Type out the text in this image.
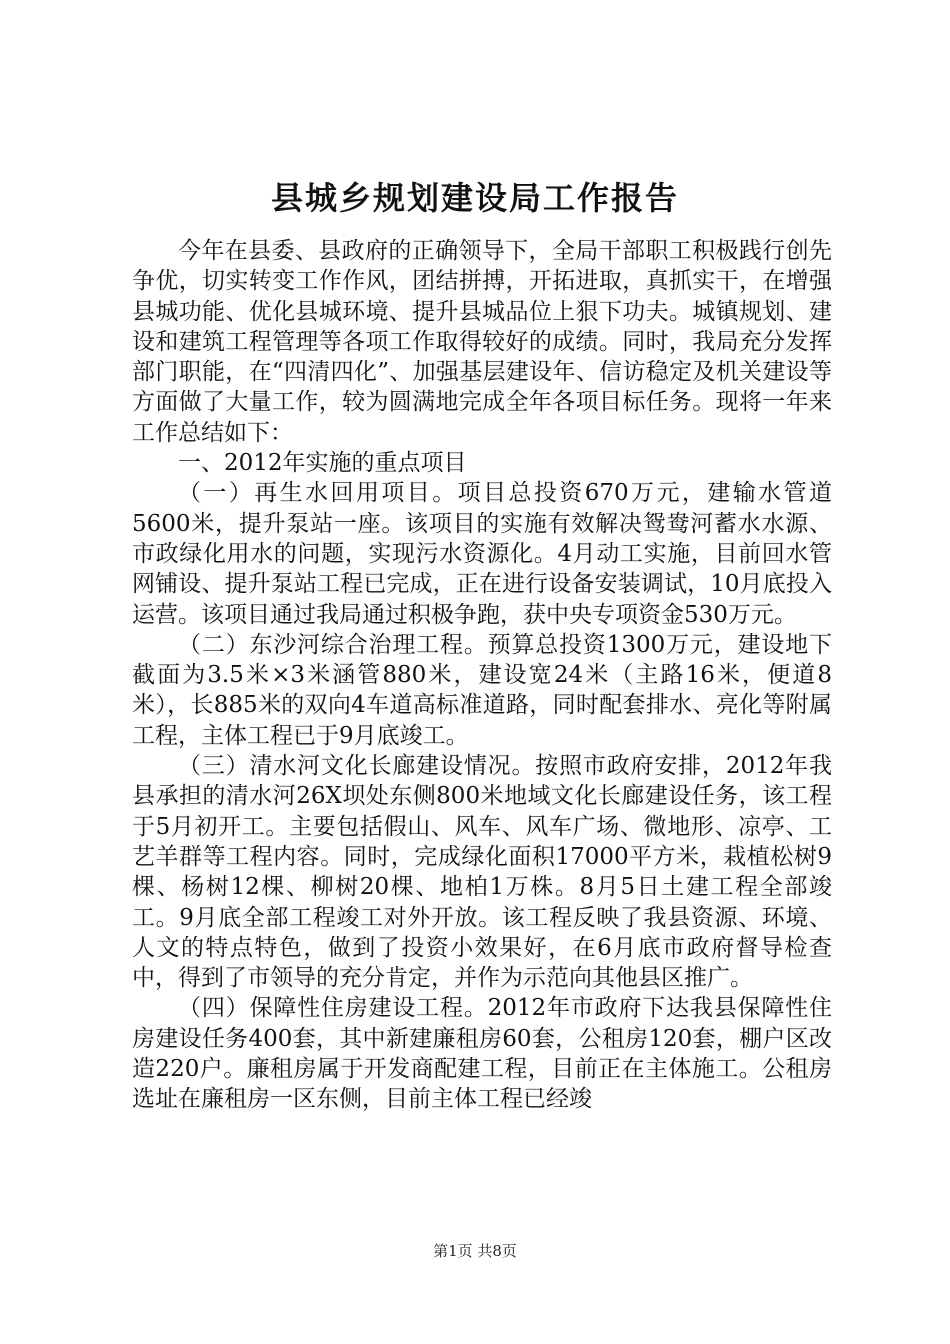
县城乡规划建设局工作报告

今年在县委、县政府的正确领导下，全局干部职工积极践行创先争优，切实转变工作作风，团结拼搏，开拓进取，真抓实干，在增强县城功能、优化县城环境、提升县城品位上狠下功夫。城镇规划、建设和建筑工程管理等各项工作取得较好的成绩。同时，我局充分发挥部门职能，在“四清四化”、加强基层建设年、信访稳定及机关建设等方面做了大量工作，较为圆满地完成全年各项目标任务。现将一年来工作总结如下：

一、2012年实施的重点项目

（一）再生水回用项目。项目总投资670万元，建输水管道5600米，提升泵站一座。该项目的实施有效解决鸳鸯河蓄水水源、市政绿化用水的问题，实现污水资源化。4月动工实施，目前回水管网铺设、提升泵站工程已完成，正在进行设备安装调试，10月底投入运营。该项目通过我局通过积极争跑，获中央专项资金530万元。

（二）东沙河综合治理工程。预算总投资1300万元，建设地下截面为3.5米×3米涵管880米，建设宽24米（主路16米，便道8米），长885米的双向4车道高标准道路，同时配套排水、亮化等附属工程，主体工程已于9月底竣工。

（三）清水河文化长廊建设情况。按照市政府安排，2012年我县承担的清水河26X坝处东侧800米地域文化长廊建设任务，该工程于5月初开工。主要包括假山、风车、风车广场、微地形、凉亭、工艺羊群等工程内容。同时，完成绿化面积17000平方米，栽植松树9棵、杨树12棵、柳树20棵、地柏1万株。8月5日土建工程全部竣工。9月底全部工程竣工对外开放。该工程反映了我县资源、环境、人文的特点特色，做到了投资小效果好，在6月底市政府督导检查中，得到了市领导的充分肯定，并作为示范向其他县区推广。

（四）保障性住房建设工程。2012年市政府下达我县保障性住房建设任务400套，其中新建廉租房60套，公租房120套，棚户区改造220户。廉租房属于开发商配建工程，目前正在主体施工。公租房选址在廉租房一区东侧，目前主体工程已经竣

第1页 共8页
